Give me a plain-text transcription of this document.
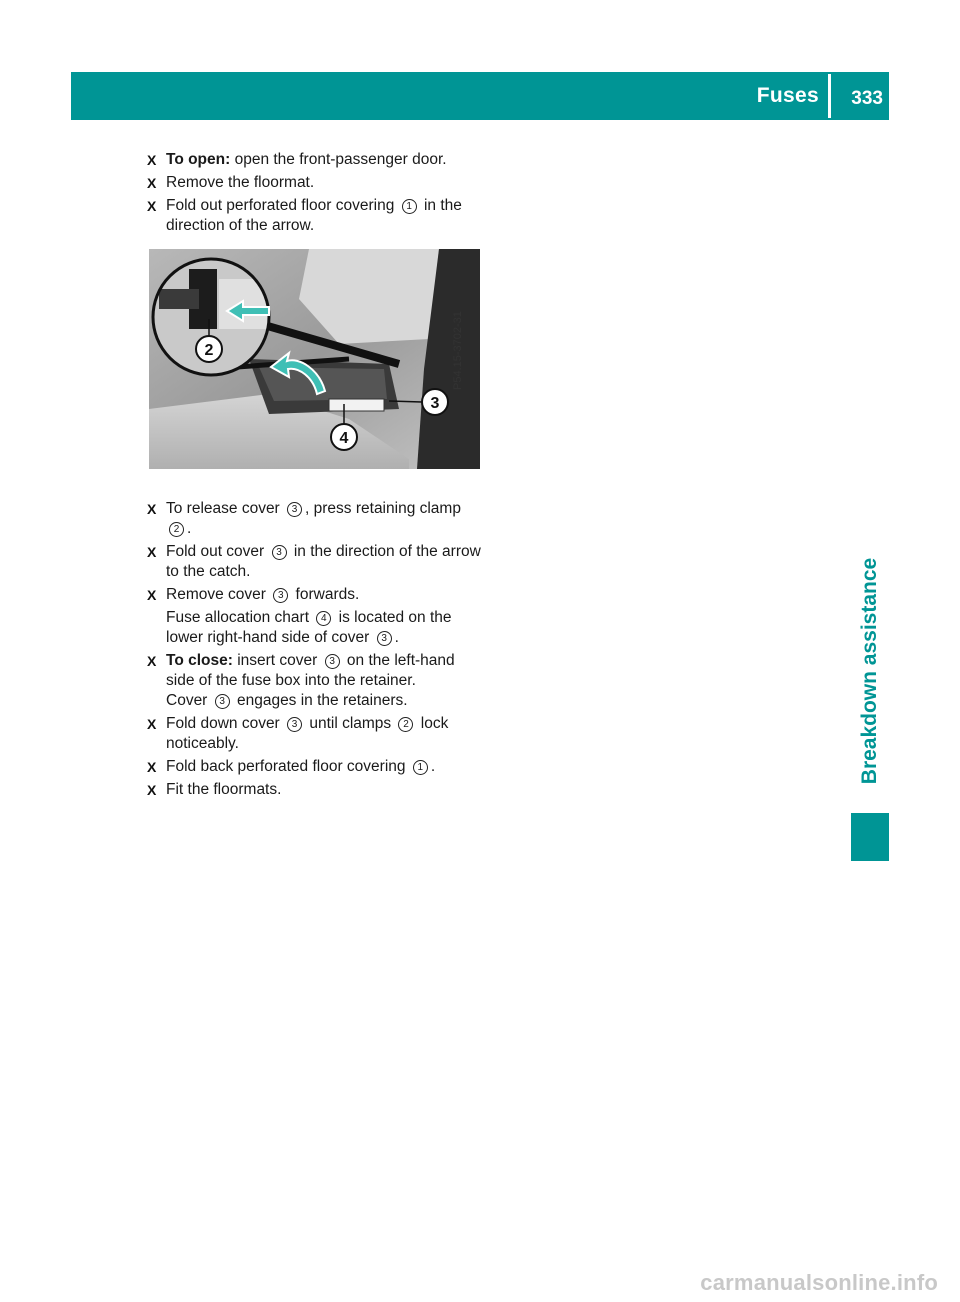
Fuses 333
Breakdown assistance
X To open: open the front-passenger door.
X Remove the floormat.
X Fold out perforated floor covering 1 in the direction of the arrow.
X To release cover 3 , press retaining clamp 2 .
X Fold out cover 3 in the direction of the arrow to the catch.
X Remove cover 3 forwards.
Fuse allocation chart 4 is located on the lower right-hand side of cover 3 .
X To close: insert cover 3 on the left-hand side of the fuse box into the retainer.
Cover 3 engages in the retainers.
X Fold down cover 3 until clamps 2 lock noticeably.
X Fold back perforated floor covering 1 .
X Fit the floormats.
2
3
4
P54.15-3702-31
carmanualsonline.info
